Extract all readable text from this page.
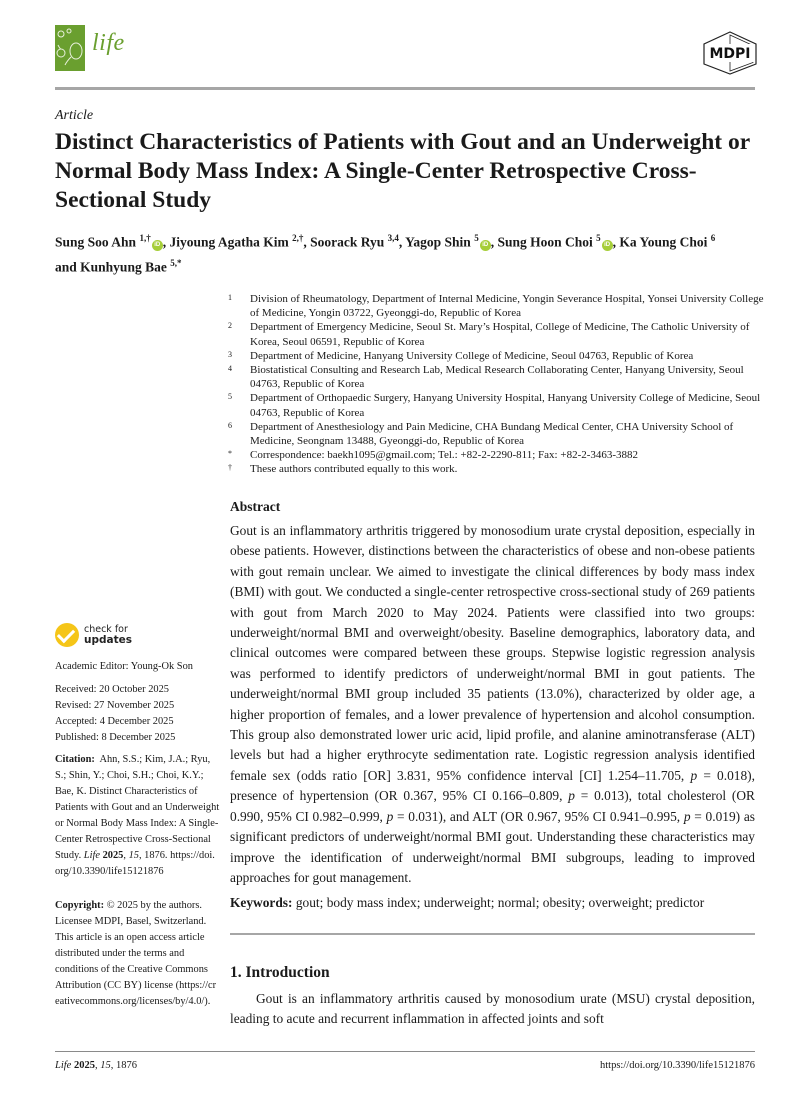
life	MDPI
Article
Distinct Characteristics of Patients with Gout and an Underweight or Normal Body Mass Index: A Single-Center Retrospective Cross-Sectional Study
Sung Soo Ahn $^{1,\dagger}$iD , Jiyoung Agatha Kim $^{2,\dagger}$, Soorack Ryu $^{3,4}$, Yagop Shin $^5$iD , Sung Hoon Choi $^5$iD , Ka Young Choi $^6$
and Kunhyung Bae $^{5,*}$
1	Division of Rheumatology, Department of Internal Medicine, Yongin Severance Hospital, Yonsei University College of Medicine, Yongin 03722, Gyeonggi-do, Republic of Korea
2	Department of Emergency Medicine, Seoul St. Mary’s Hospital, College of Medicine, The Catholic University of Korea, Seoul 06591, Republic of Korea
3	Department of Medicine, Hanyang University College of Medicine, Seoul 04763, Republic of Korea
4	Biostatistical Consulting and Research Lab, Medical Research Collaborating Center, Hanyang University, Seoul 04763, Republic of Korea
5	Department of Orthopaedic Surgery, Hanyang University Hospital, Hanyang University College of Medicine, Seoul 04763, Republic of Korea
6	Department of Anesthesiology and Pain Medicine, CHA Bundang Medical Center, CHA University School of Medicine, Seongnam 13488, Gyeonggi-do, Republic of Korea
*	Correspondence: baekh1095@gmail.com; Tel.: +82-2-2290-811; Fax: +82-2-3463-3882
†	These authors contributed equally to this work.
check for
updates
Academic Editor: Young-Ok Son
Received: 20 October 2025
Revised: 27 November 2025
Accepted: 4 December 2025
Published: 8 December 2025
Citation: Ahn, S.S.; Kim, J.A.; Ryu, S.; Shin, Y.; Choi, S.H.; Choi, K.Y.; Bae, K. Distinct Characteristics of Patients with Gout and an Underweight or Normal Body Mass Index: A Single-Center Retrospective Cross-Sectional Study. Life 2025, 15, 1876. https://doi.org/10.3390/life15121876
Copyright: © 2025 by the authors. Licensee MDPI, Basel, Switzerland. This article is an open access article distributed under the terms and conditions of the Creative Commons Attribution (CC BY) license (https://creativecommons.org/licenses/by/4.0/).
Abstract
Gout is an inflammatory arthritis triggered by monosodium urate crystal deposition, especially in obese patients. However, distinctions between the characteristics of obese and non-obese patients with gout remain unclear. We aimed to investigate the clinical differences by body mass index (BMI) with gout. We conducted a single-center retrospective cross-sectional study of 269 patients with gout from March 2020 to May 2024. Patients were classified into two groups: underweight/normal BMI and overweight/obesity. Baseline demographics, laboratory data, and clinical outcomes were compared between these groups. Stepwise logistic regression analysis was performed to identify predictors of underweight/normal BMI in gout patients. The underweight/normal BMI group included 35 patients (13.0%), characterized by older age, a higher proportion of females, and a lower prevalence of hypertension and alcohol consumption. This group also demonstrated lower uric acid, lipid profile, and alanine aminotransferase (ALT) levels but had a higher erythrocyte sedimentation rate. Logistic regression analysis identified female sex (odds ratio [OR] 3.831, 95% confidence interval [CI] 1.254–11.705, p = 0.018), presence of hypertension (OR 0.367, 95% CI 0.166–0.809, p = 0.013), total cholesterol (OR 0.990, 95% CI 0.982–0.999, p = 0.031), and ALT (OR 0.967, 95% CI 0.941–0.995, p = 0.019) as significant predictors of underweight/normal BMI gout. Understanding these characteristics may improve the identification of underweight/normal BMI subgroups, leading to improved approaches for gout management.
Keywords: gout; body mass index; underweight; normal; obesity; overweight; predictor
1. Introduction
Gout is an inflammatory arthritis caused by monosodium urate (MSU) crystal deposition, leading to acute and recurrent inflammation in affected joints and soft
Life 2025, 15, 1876	https://doi.org/10.3390/life15121876
